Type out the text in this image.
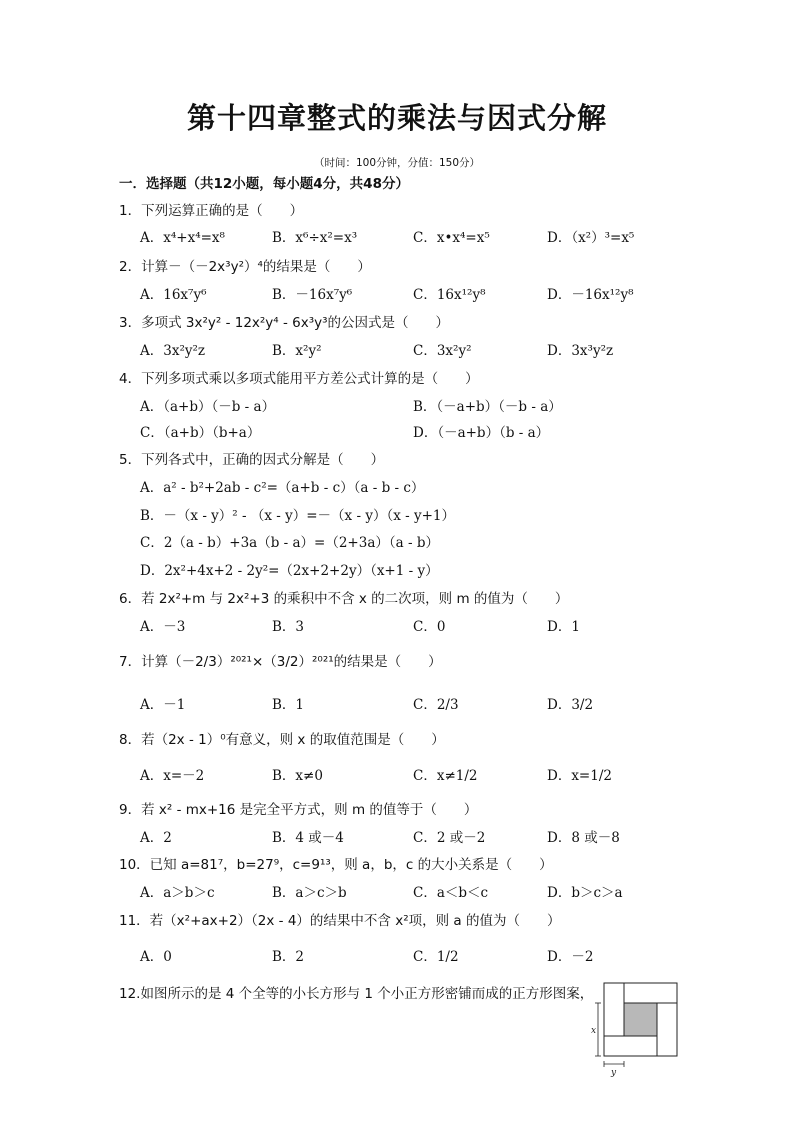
第十四章整式的乘法与因式分解
（时间：100分钟，分值：150分）
一．选择题（共12小题，每小题4分，共48分）
1．下列运算正确的是（　　）
A．x⁴+x⁴=x⁸	B．x⁶÷x²=x³	C．x•x⁴=x⁵	D．（x²）³=x⁵
2．计算－（－2x³y²）⁴的结果是（　　）
A．16x⁷y⁶	B．－16x⁷y⁶	C．16x¹²y⁸	D．－16x¹²y⁸
3．多项式 3x²y² - 12x²y⁴ - 6x³y³的公因式是（　　）
A．3x²y²z	B．x²y²	C．3x²y²	D．3x³y²z
4．下列多项式乘以多项式能用平方差公式计算的是（　　）
A．（a+b）（－b - a）	B．（－a+b）（－b - a）
C．（a+b）（b+a）	D．（－a+b）（b - a）
5．下列各式中，正确的因式分解是（　　）
A．a² - b²+2ab - c²=（a+b - c）（a - b - c）
B．－（x - y）² - （x - y）=－（x - y）（x - y+1）
C．2（a - b）+3a（b - a）=（2+3a）（a - b）
D．2x²+4x+2 - 2y²=（2x+2+2y）（x+1 - y）
6．若 2x²+m 与 2x²+3 的乘积中不含 x 的二次项，则 m 的值为（　　）
A．－3	B．3	C．0	D．1
7．计算（－2/3）²⁰²¹×（3/2）²⁰²¹的结果是（　　）
A．－1	B．1	C．2/3	D．3/2
8．若（2x - 1）⁰有意义，则 x 的取值范围是（　　）
A．x=－2	B．x≠0	C．x≠1/2	D．x=1/2
9．若 x² - mx+16 是完全平方式，则 m 的值等于（　　）
A．2	B．4 或－4	C．2 或－2	D．8 或－8
10．已知 a=81⁷，b=27⁹，c=9¹³，则 a，b，c 的大小关系是（　　）
A．a＞b＞c	B．a＞c＞b	C．a＜b＜c	D．b＞c＞a
11．若（x²+ax+2）（2x - 4）的结果中不含 x²项，则 a 的值为（　　）
A．0	B．2	C．1/2	D．－2
12.如图所示的是 4 个全等的小长方形与 1 个小正方形密铺而成的正方形图案，
x
y
